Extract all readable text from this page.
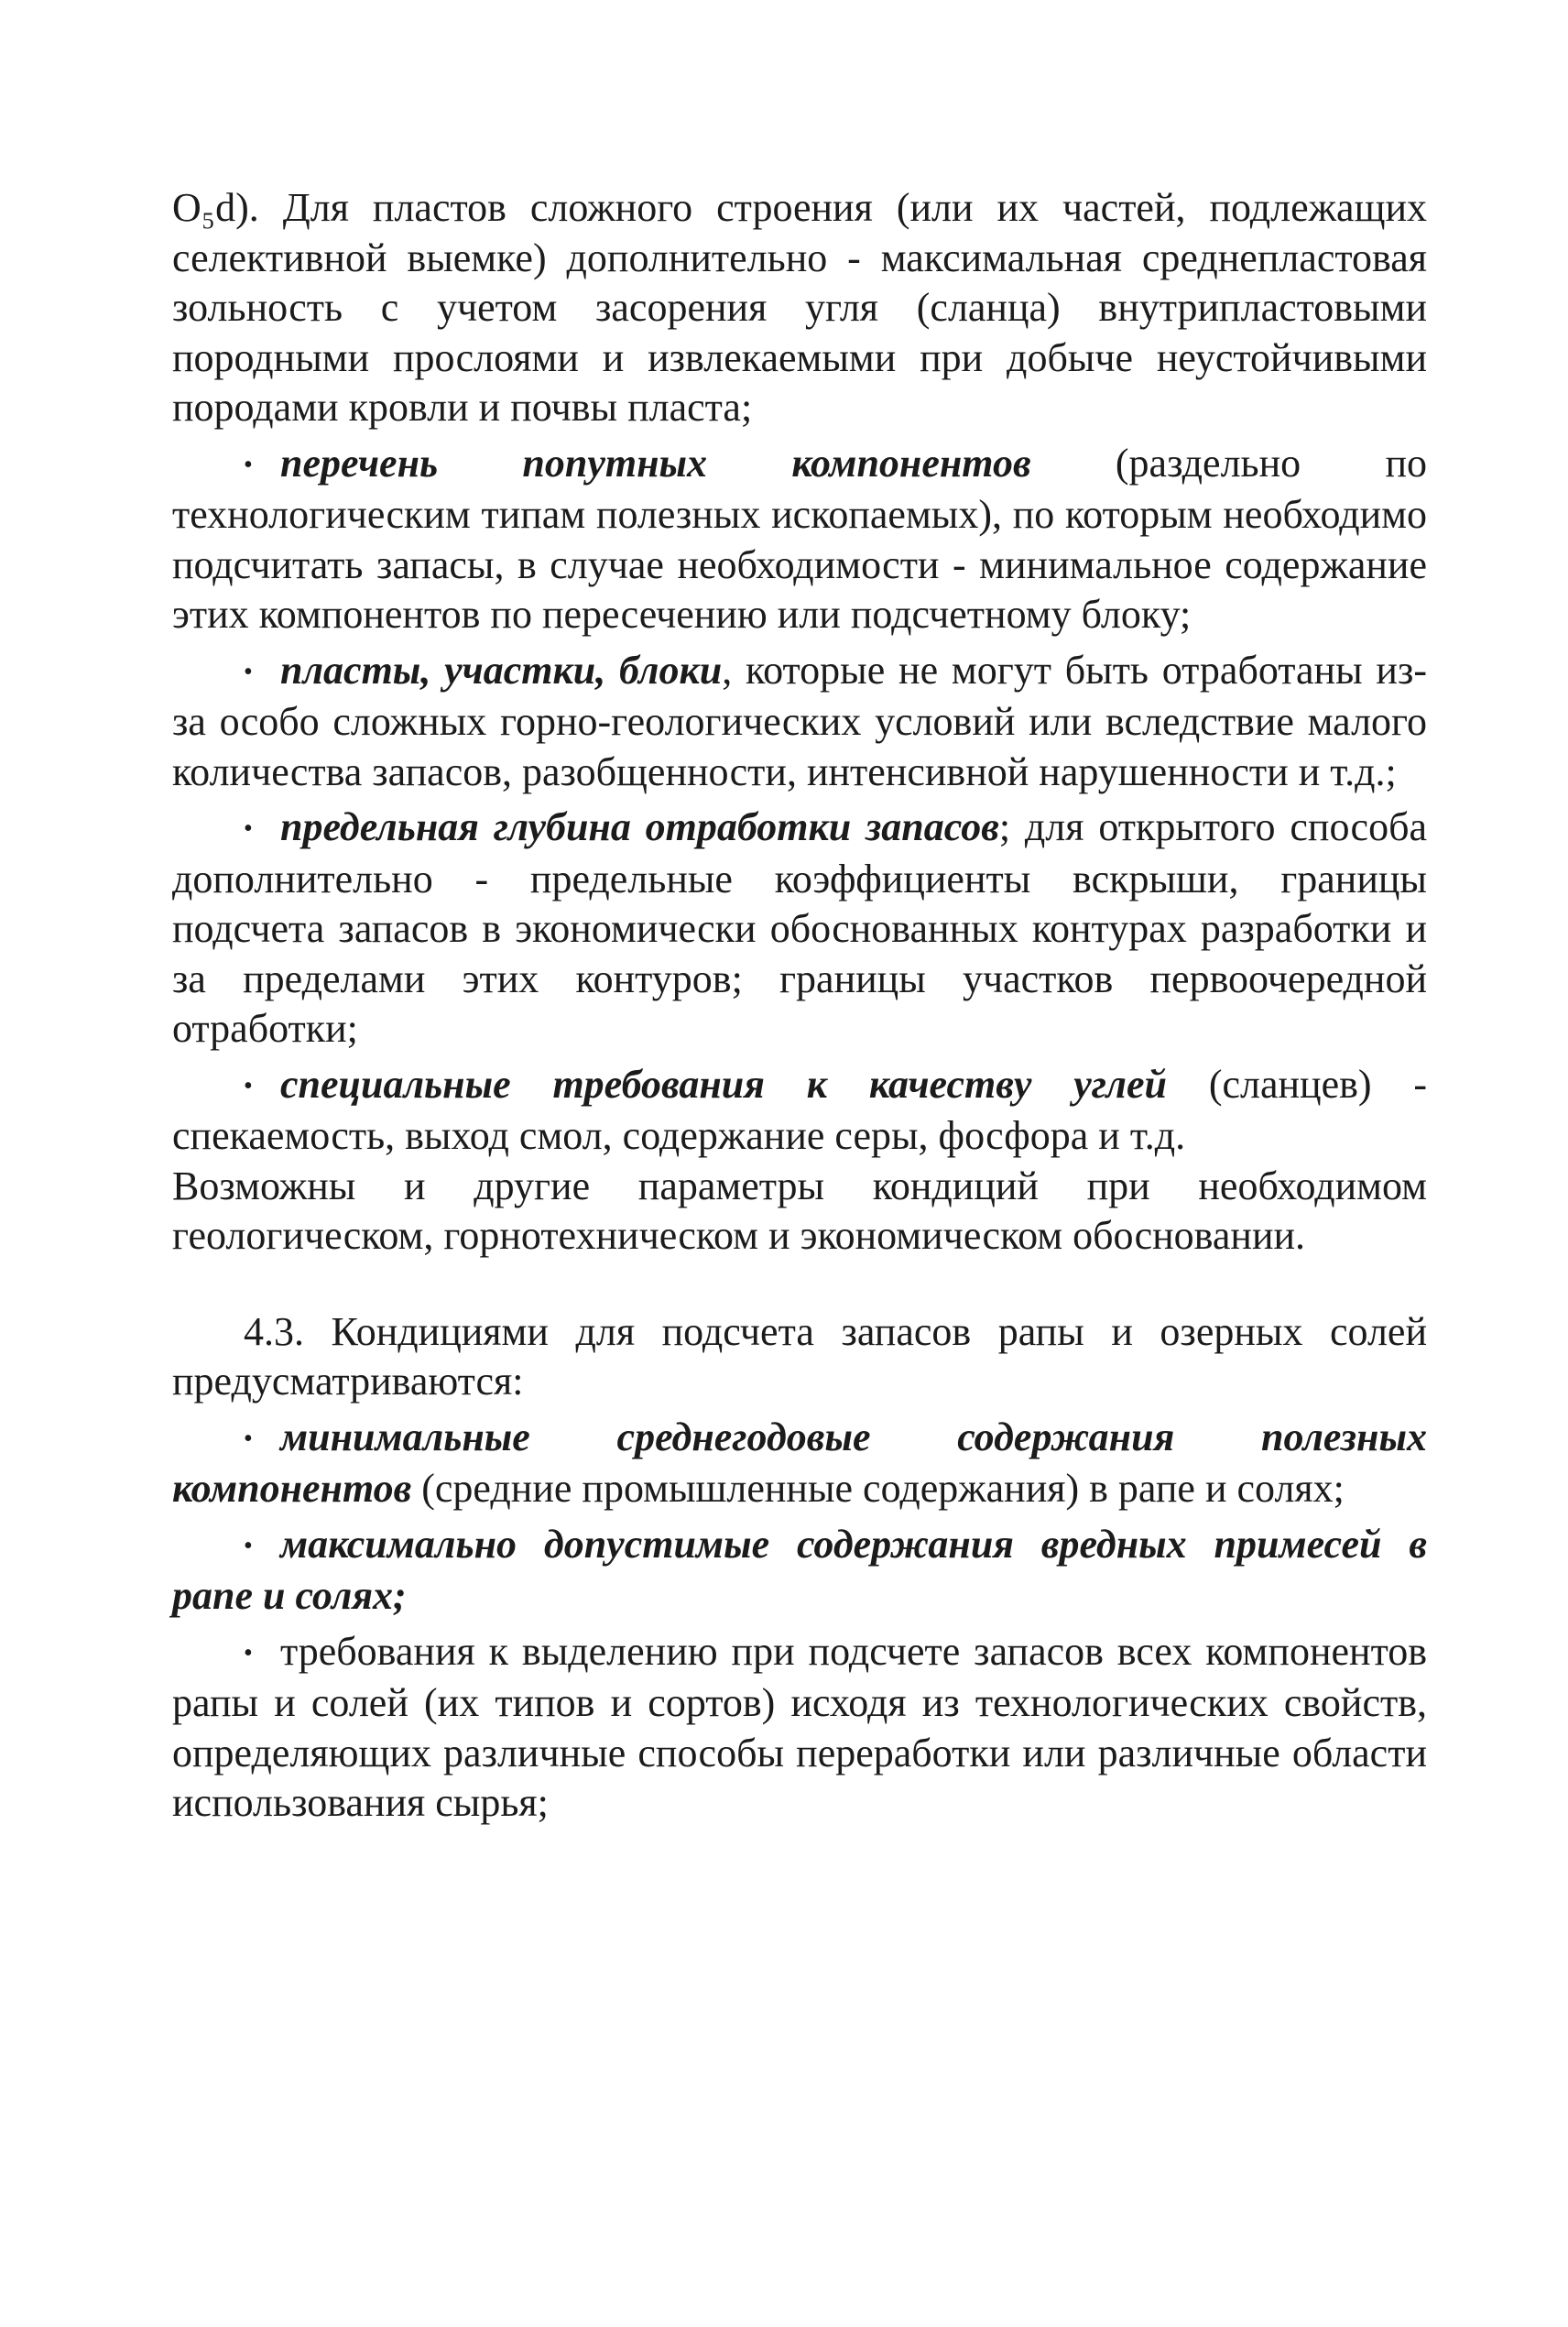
O₅d). Для пластов сложного строения (или их частей, подлежащих селективной выемке) дополнительно - максимальная среднепластовая зольность с учетом засорения угля (сланца) внутрипластовыми породными прослоями и извлекаемыми при добыче неустойчивыми породами кровли и почвы пласта;

• перечень попутных компонентов (раздельно по технологическим типам полезных ископаемых), по которым необходимо подсчитать запасы, в случае необходимости - минимальное содержание этих компонентов по пересечению или подсчетному блоку;

• пласты, участки, блоки, которые не могут быть отработаны из-за особо сложных горно-геологических условий или вследствие малого количества запасов, разобщенности, интенсивной нарушенности и т.д.;

• предельная глубина отработки запасов; для открытого способа дополнительно - предельные коэффициенты вскрыши, границы подсчета запасов в экономически обоснованных контурах разработки и за пределами этих контуров; границы участков первоочередной отработки;

• специальные требования к качеству углей (сланцев) - спекаемость, выход смол, содержание серы, фосфора и т.д.

Возможны и другие параметры кондиций при необходимом геологическом, горнотехническом и экономическом обосновании.

4.3. Кондициями для подсчета запасов рапы и озерных солей предусматриваются:

• минимальные среднегодовые содержания полезных компонентов (средние промышленные содержания) в рапе и солях;

• максимально допустимые содержания вредных примесей в рапе и солях;

• требования к выделению при подсчете запасов всех компонентов рапы и солей (их типов и сортов) исходя из технологических свойств, определяющих различные способы переработки или различные области использования сырья;
